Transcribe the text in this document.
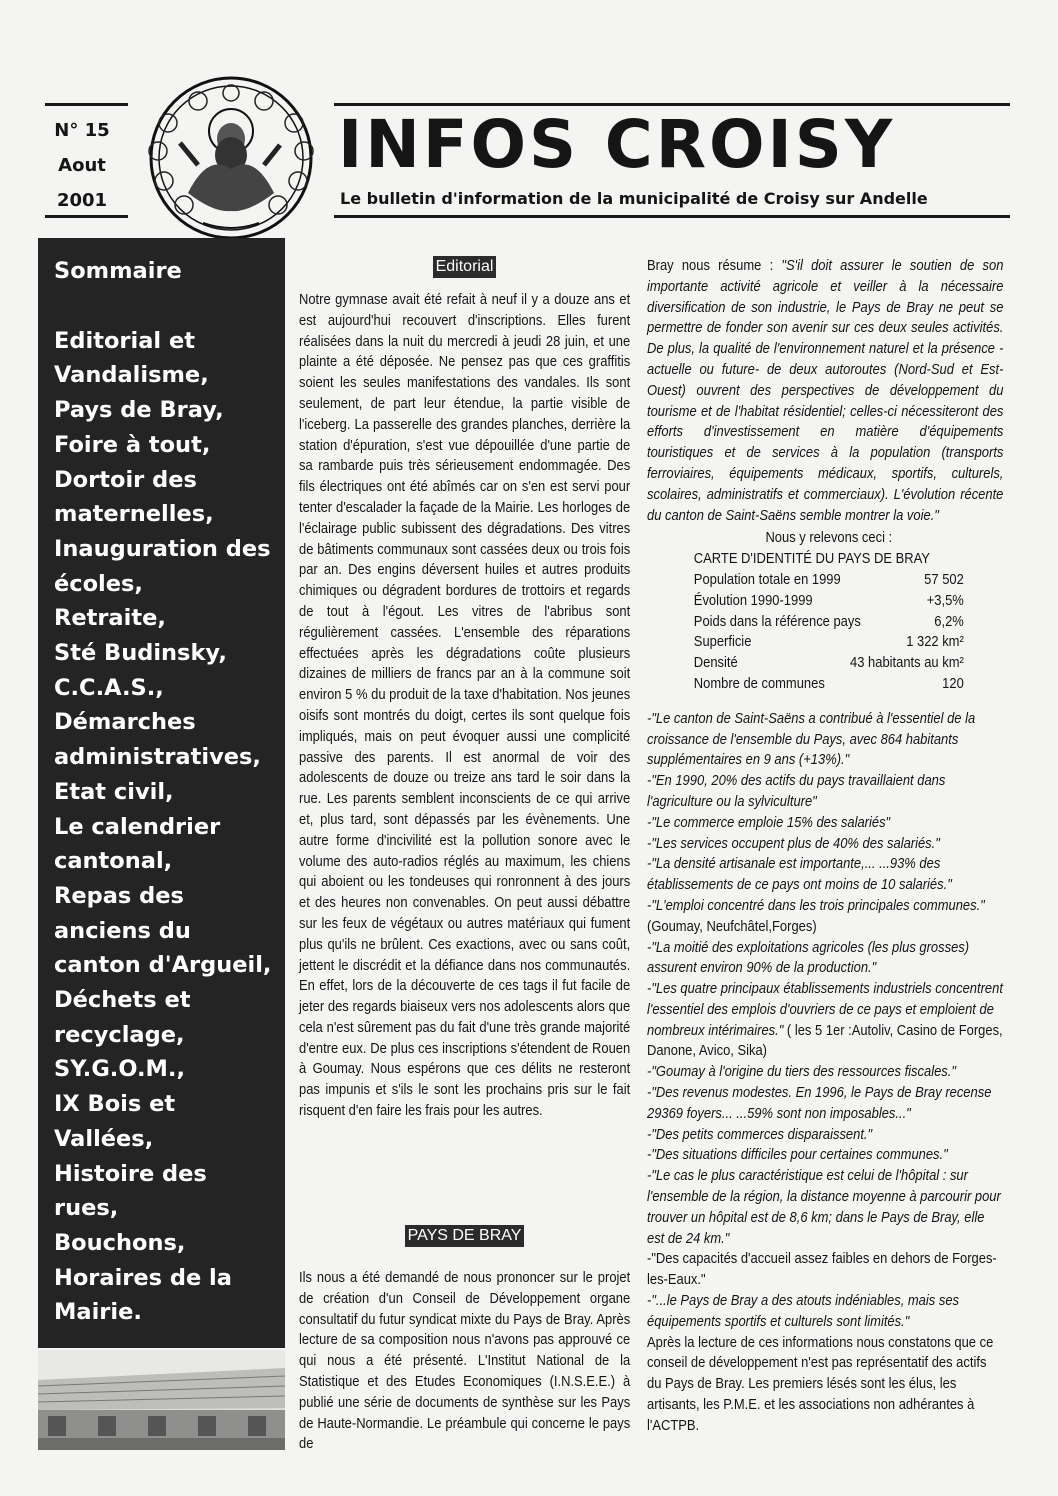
N° 15
Aout
2001
INFOS CROISY
Le bulletin d'information de la municipalité de Croisy sur Andelle
Sommaire
Editorial et
Vandalisme,
Pays de Bray,
Foire à tout,
Dortoir des
maternelles,
Inauguration des
écoles,
Retraite,
Sté Budinsky,
C.C.A.S.,
Démarches
administratives,
Etat civil,
Le calendrier
cantonal,
Repas des
anciens du
canton d'Argueil,
Déchets et
recyclage,
SY.G.O.M.,
IX Bois et
Vallées,
Histoire des
rues,
Bouchons,
Horaires de la
Mairie.
Editorial

Notre gymnase avait été refait à neuf il y a douze ans et est aujourd'hui recouvert d'inscriptions. Elles furent réalisées dans la nuit du mercredi à jeudi 28 juin, et une plainte a été déposée. Ne pensez pas que ces graffitis soient les seules manifestations des vandales. Ils sont seulement, de part leur étendue, la partie visible de l'iceberg. La passerelle des grandes planches, derrière la station d'épuration, s'est vue dépouillée d'une partie de sa rambarde puis très sérieusement endommagée. Des fils électriques ont été abîmés car on s'en est servi pour tenter d'escalader la façade de la Mairie. Les horloges de l'éclairage public subissent des dégradations. Des vitres de bâtiments communaux sont cassées deux ou trois fois par an. Des engins déversent huiles et autres produits chimiques ou dégradent bordures de trottoirs et regards de tout à l'égout. Les vitres de l'abribus sont régulièrement cassées. L'ensemble des réparations effectuées après les dégradations coûte plusieurs dizaines de milliers de francs par an à la commune soit environ 5 % du produit de la taxe d'habitation. Nos jeunes oisifs sont montrés du doigt, certes ils sont quelque fois impliqués, mais on peut évoquer aussi une complicité passive des parents. Il est anormal de voir des adolescents de douze ou treize ans tard le soir dans la rue. Les parents semblent inconscients de ce qui arrive et, plus tard, sont dépassés par les évènements. Une autre forme d'incivilité est la pollution sonore avec le volume des auto-radios réglés au maximum, les chiens qui aboient ou les tondeuses qui ronronnent à des jours et des heures non convenables. On peut aussi débattre sur les feux de végétaux ou autres matériaux qui fument plus qu'ils ne brûlent. Ces exactions, avec ou sans coût, jettent le discrédit et la défiance dans nos communautés. En effet, lors de la découverte de ces tags il fut facile de jeter des regards biaiseux vers nos adolescents alors que cela n'est sûrement pas du fait d'une très grande majorité d'entre eux. De plus ces inscriptions s'étendent de Rouen à Goumay. Nous espérons que ces délits ne resteront pas impunis et s'ils le sont les prochains pris sur le fait risquent d'en faire les frais pour les autres.

PAYS DE BRAY

Ils nous a été demandé de nous prononcer sur le projet de création d'un Conseil de Développement organe consultatif du futur syndicat mixte du Pays de Bray. Après lecture de sa composition nous n'avons pas approuvé ce qui nous a été présenté. L'Institut National de la Statistique et des Etudes Economiques (I.N.S.E.E.) à publié une série de documents de synthèse sur les Pays de Haute-Normandie. Le préambule qui concerne le pays de

Bray nous résume : "S'il doit assurer le soutien de son importante activité agricole et veiller à la nécessaire diversification de son industrie, le Pays de Bray ne peut se permettre de fonder son avenir sur ces deux seules activités. De plus, la qualité de l'environnement naturel et la présence -actuelle ou future- de deux autoroutes (Nord-Sud et Est-Ouest) ouvrent des perspectives de développement du tourisme et de l'habitat résidentiel; celles-ci nécessiteront des efforts d'investissement en matière d'équipements touristiques et de services à la population (transports ferroviaires, équipements médicaux, sportifs, culturels, scolaires, administratifs et commerciaux). L'évolution récente du canton de Saint-Saëns semble montrer la voie."

Nous y relevons ceci :
CARTE D'IDENTITÉ DU PAYS DE BRAY
Population totale en 1999	57 502
Évolution 1990-1999	+3,5%
Poids dans la référence pays	6,2%
Superficie	1 322 km²
Densité	43 habitants au km²
Nombre de communes	120

-"Le canton de Saint-Saëns a contribué à l'essentiel de la croissance de l'ensemble du Pays, avec 864 habitants supplémentaires en 9 ans (+13%)."

-"En 1990, 20% des actifs du pays travaillaient dans l'agriculture ou la sylviculture"

-"Le commerce emploie 15% des salariés"

-"Les services occupent plus de 40% des salariés."

-"La densité artisanale est importante,... ...93% des établissements de ce pays ont moins de 10 salariés."

-"L'emploi concentré dans les trois principales communes." (Goumay, Neufchâtel,Forges)

-"La moitié des exploitations agricoles (les plus grosses) assurent environ 90% de la production."

-"Les quatre principaux établissements industriels concentrent l'essentiel des emplois d'ouvriers de ce pays et emploient de nombreux intérimaires." ( les 5 1er :Autoliv, Casino de Forges, Danone, Avico, Sika)

-"Goumay à l'origine du tiers des ressources fiscales."

-"Des revenus modestes. En 1996, le Pays de Bray recense 29369 foyers... ...59% sont non imposables..."

-"Des petits commerces disparaissent."

-"Des situations difficiles pour certaines communes."

-"Le cas le plus caractéristique est celui de l'hôpital : sur l'ensemble de la région, la distance moyenne à parcourir pour trouver un hôpital est de 8,6 km; dans le Pays de Bray, elle est de 24 km."

-"Des capacités d'accueil assez faibles en dehors de Forges-les-Eaux."

-"...le Pays de Bray a des atouts indéniables, mais ses équipements sportifs et culturels sont limités."

Après la lecture de ces informations nous constatons que ce conseil de développement n'est pas représentatif des actifs du Pays de Bray. Les premiers lésés sont les élus, les artisants, les P.M.E. et les associations non adhérantes à l'ACTPB.
